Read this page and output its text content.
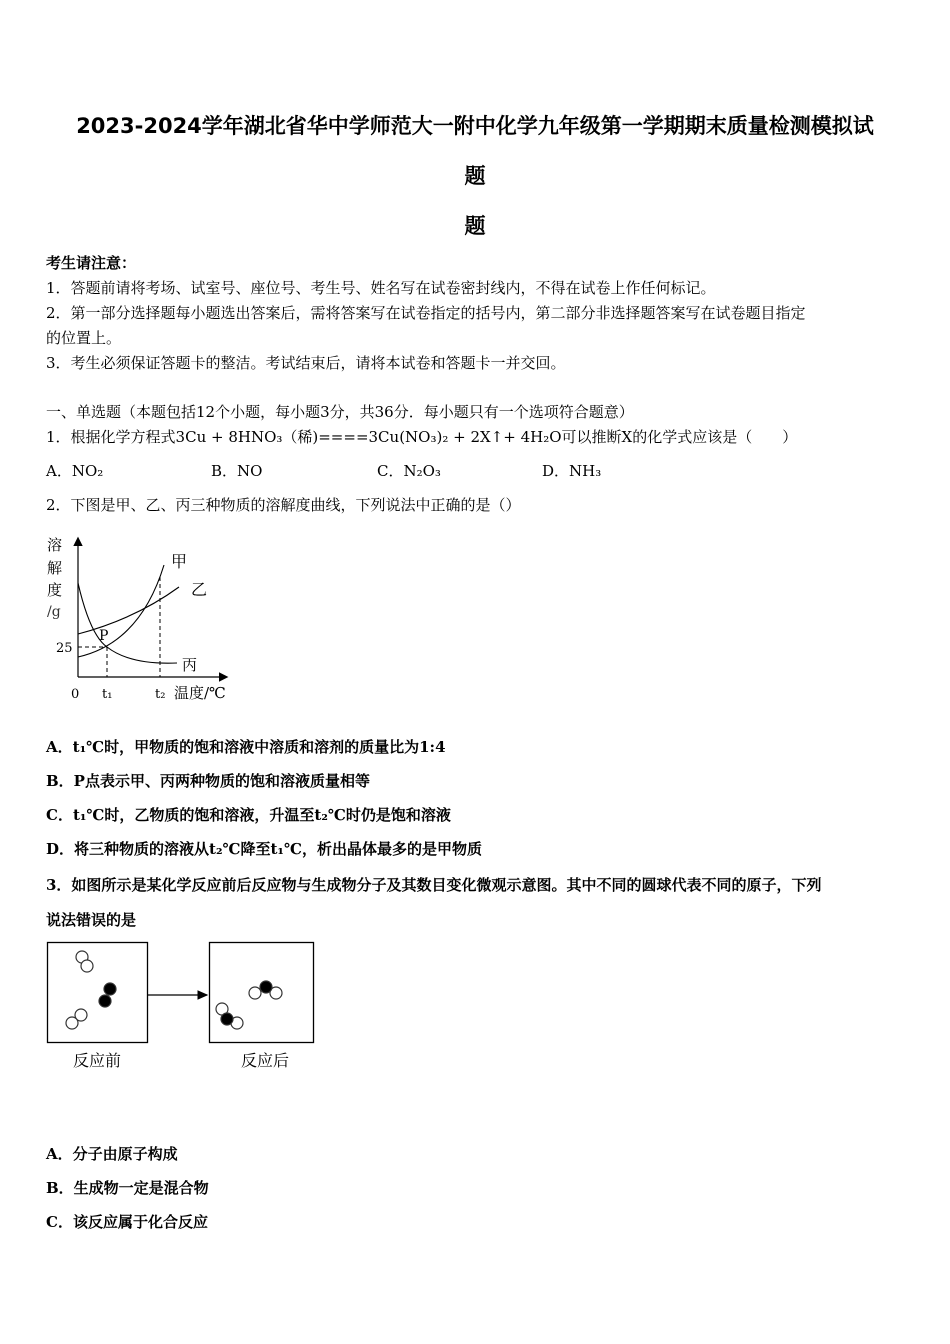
2023-2024学年湖北省华中学师范大一附中化学九年级第一学期期末质量检测模拟试
题
题
考生请注意：
1．答题前请将考场、试室号、座位号、考生号、姓名写在试卷密封线内，不得在试卷上作任何标记。
2．第一部分选择题每小题选出答案后，需将答案写在试卷指定的括号内，第二部分非选择题答案写在试卷题目指定
的位置上。
3．考生必须保证答题卡的整洁。考试结束后，请将本试卷和答题卡一并交回。
一、单选题（本题包括12个小题，每小题3分，共36分．每小题只有一个选项符合题意）
1．根据化学方程式3Cu + 8HNO₃（稀)====3Cu(NO₃)₂ + 2X↑+ 4H₂O可以推断X的化学式应该是（　　）
A．NO₂	B．NO	C．N₂O₃	D．NH₃
2．下图是甲、乙、丙三种物质的溶解度曲线，下列说法中正确的是（）
溶
解
度
/g
25
P
甲
乙
丙
0 t₁	t₂ 温度/℃
A．t₁℃时，甲物质的饱和溶液中溶质和溶剂的质量比为1:4
B．P点表示甲、丙两种物质的饱和溶液质量相等
C．t₁℃时，乙物质的饱和溶液，升温至t₂℃时仍是饱和溶液
D．将三种物质的溶液从t₂℃降至t₁℃，析出晶体最多的是甲物质
3．如图所示是某化学反应前后反应物与生成物分子及其数目变化微观示意图。其中不同的圆球代表不同的原子，下列
说法错误的是
反应前	反应后
A．分子由原子构成
B．生成物一定是混合物
C．该反应属于化合反应
